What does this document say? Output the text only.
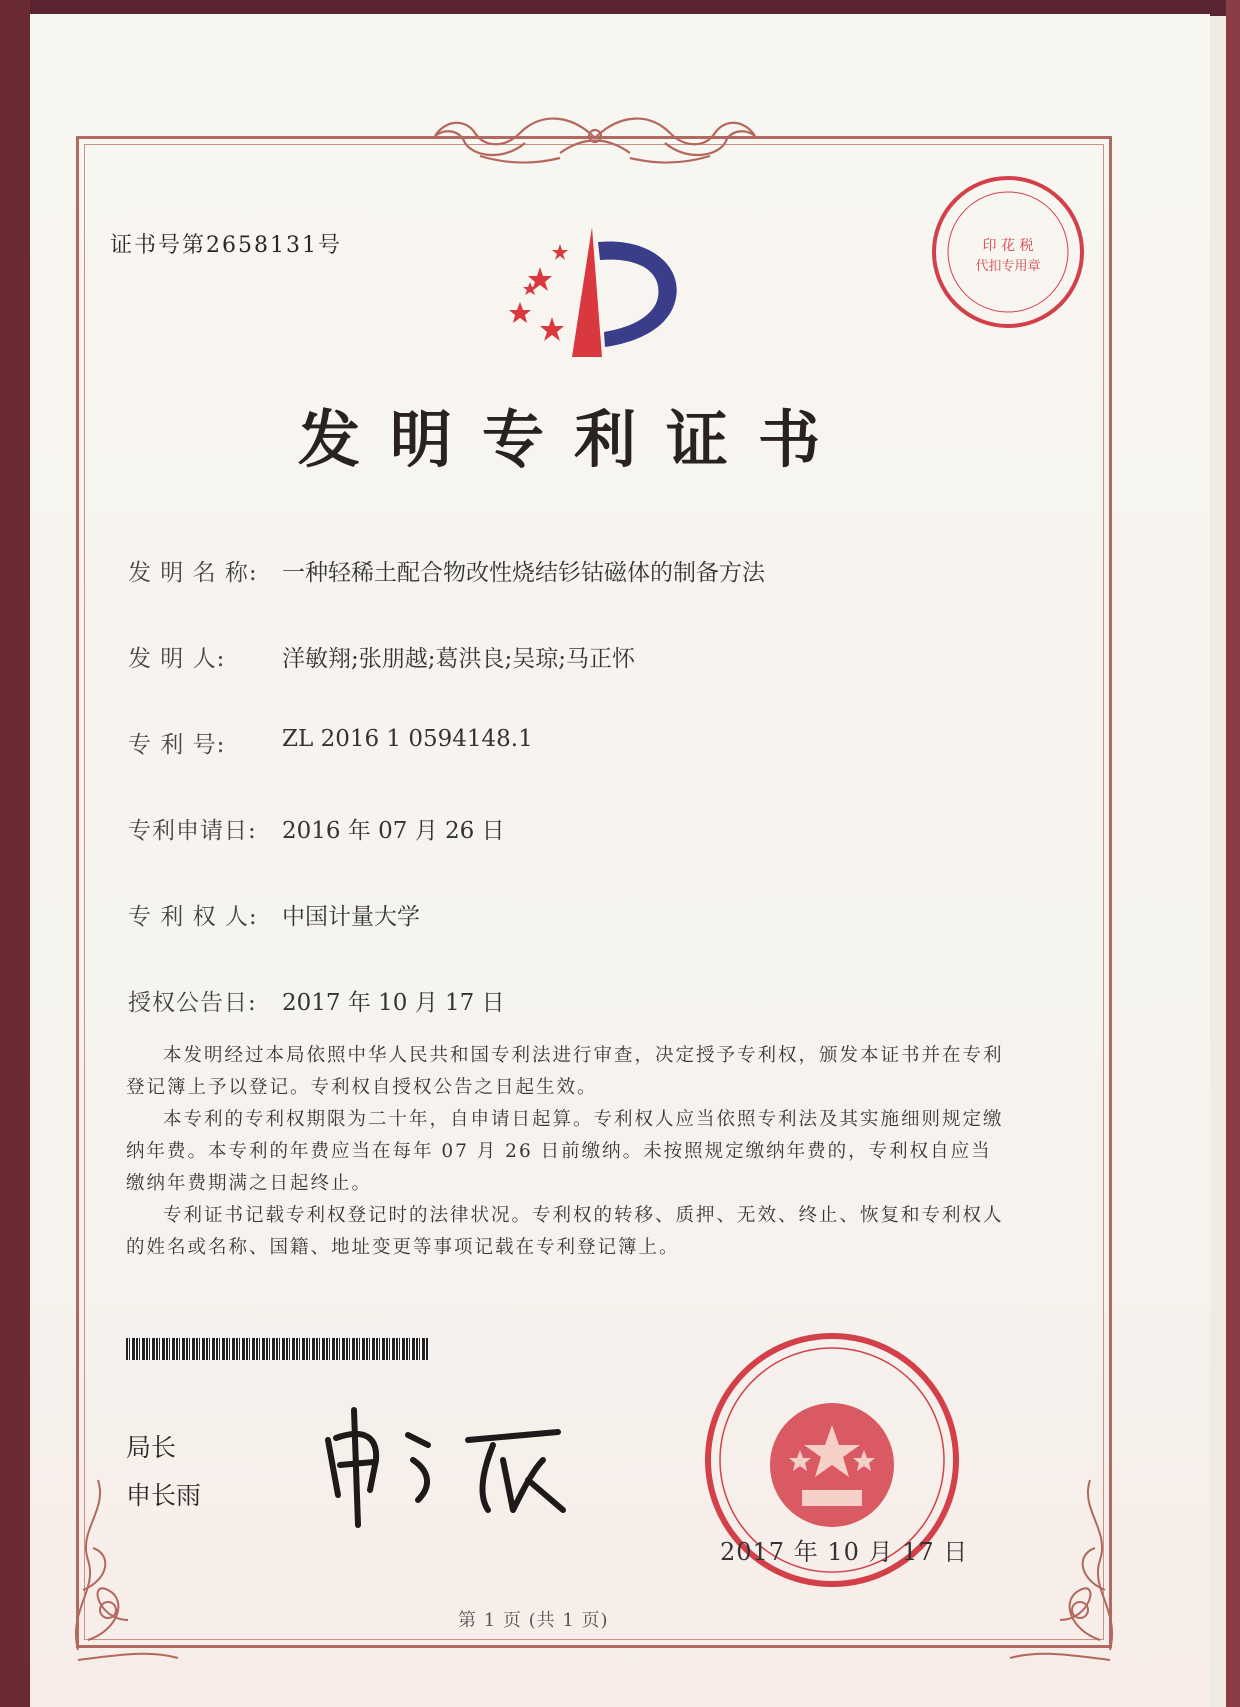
证书号第2658131号
发明专利证书
印 花 税
代扣专用章
发 明 名 称: 一种轻稀土配合物改性烧结钐钴磁体的制备方法
发 明 人: 洋敏翔;张朋越;葛洪良;吴琼;马正怀
专 利 号: ZL 2016 1 0594148.1
专利申请日: 2016 年 07 月 26 日
专 利 权 人: 中国计量大学
授权公告日: 2017 年 10 月 17 日

本发明经过本局依照中华人民共和国专利法进行审查，决定授予专利权，颁发本证书并在专利登记簿上予以登记。专利权自授权公告之日起生效。

本专利的专利权期限为二十年，自申请日起算。专利权人应当依照专利法及其实施细则规定缴纳年费。本专利的年费应当在每年 07 月 26 日前缴纳。未按照规定缴纳年费的，专利权自应当缴纳年费期满之日起终止。

专利证书记载专利权登记时的法律状况。专利权的转移、质押、无效、终止、恢复和专利权人的姓名或名称、国籍、地址变更等事项记载在专利登记簿上。

局长
申长雨
2017 年 10 月 17 日
第 1 页 (共 1 页)
